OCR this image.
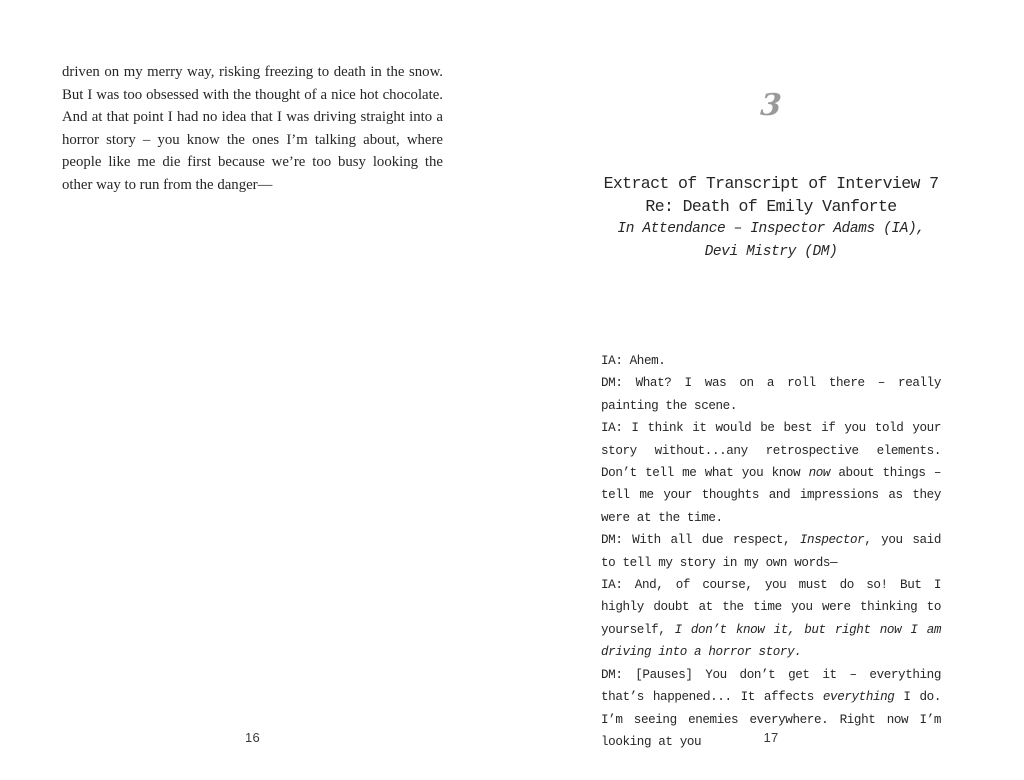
driven on my merry way, risking freezing to death in the snow. But I was too obsessed with the thought of a nice hot chocolate. And at that point I had no idea that I was driving straight into a horror story – you know the ones I’m talking about, where people like me die first because we’re too busy looking the other way to run from the danger—

16
3
Extract of Transcript of Interview 7
Re: Death of Emily Vanforte

In Attendance – Inspector Adams (IA),

Devi Mistry (DM)

IA: Ahem.

DM: What? I was on a roll there – really painting the scene.

IA: I think it would be best if you told your story without...any retrospective elements. Don’t tell me what you know now about things – tell me your thoughts and impressions as they were at the time.

DM: With all due respect, Inspector, you said to tell my story in my own words—

IA: And, of course, you must do so! But I highly doubt at the time you were thinking to yourself, I don’t know it, but right now I am driving into a horror story.

DM: [Pauses] You don’t get it – everything that’s happened... It affects everything I do. I’m seeing enemies everywhere. Right now I’m looking at you	17
